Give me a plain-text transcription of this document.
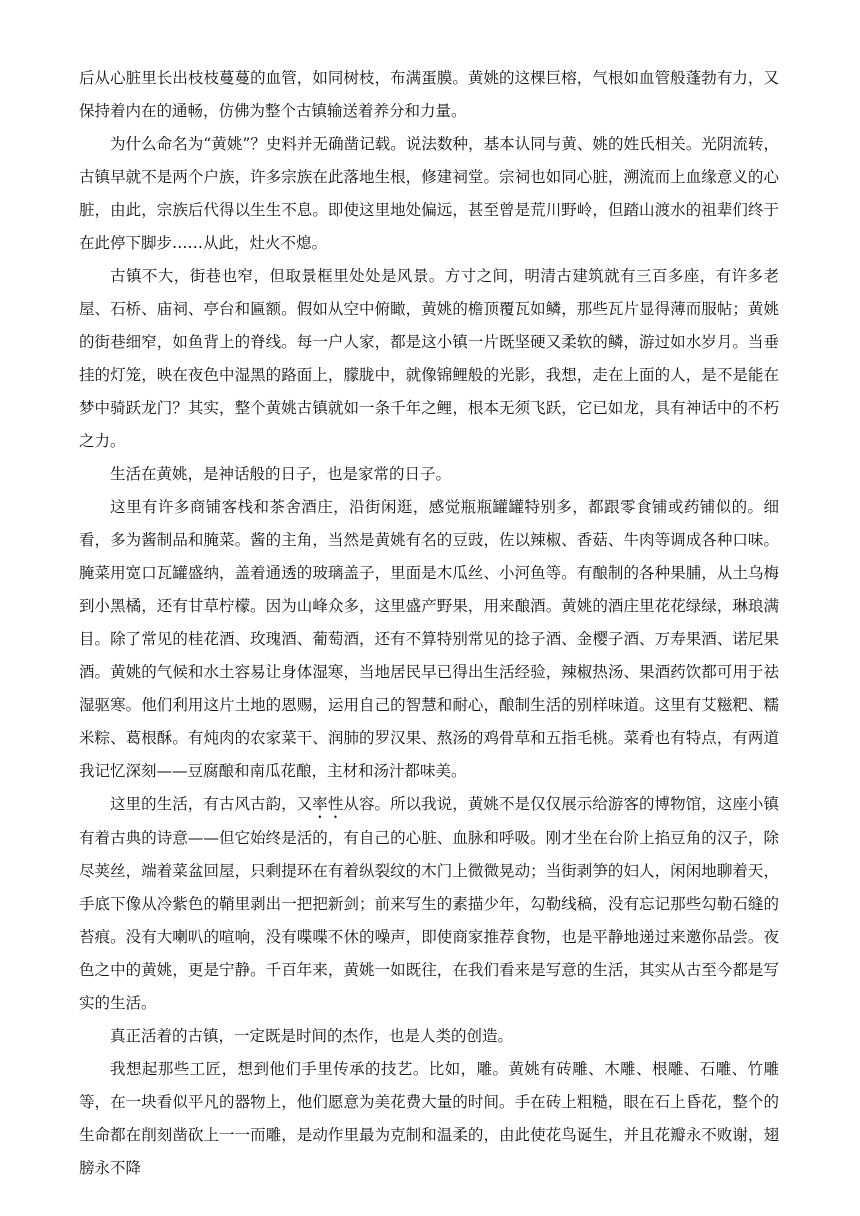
后从心脏里长出枝枝蔓蔓的血管，如同树枝，布满蛋膜。黄姚的这棵巨榕，气根如血管般蓬勃有力，又保持着内在的通畅，仿佛为整个古镇输送着养分和力量。

为什么命名为“黄姚”？史料并无确凿记载。说法数种，基本认同与黄、姚的姓氏相关。光阴流转，古镇早就不是两个户族，许多宗族在此落地生根，修建祠堂。宗祠也如同心脏，溯流而上血缘意义的心脏，由此，宗族后代得以生生不息。即使这里地处偏远，甚至曾是荒川野岭，但踏山渡水的祖辈们终于在此停下脚步……从此，灶火不熄。

古镇不大，街巷也窄，但取景框里处处是风景。方寸之间，明清古建筑就有三百多座，有许多老屋、石桥、庙祠、亭台和匾额。假如从空中俯瞰，黄姚的檐顶覆瓦如鳞，那些瓦片显得薄而服帖；黄姚的街巷细窄，如鱼背上的脊线。每一户人家，都是这小镇一片既坚硬又柔软的鳞，游过如水岁月。当垂挂的灯笼，映在夜色中湿黑的路面上，朦胧中，就像锦鲤般的光影，我想，走在上面的人，是不是能在梦中骑跃龙门？其实，整个黄姚古镇就如一条千年之鲤，根本无须飞跃，它已如龙，具有神话中的不朽之力。

生活在黄姚，是神话般的日子，也是家常的日子。

这里有许多商铺客栈和茶舍酒庄，沿街闲逛，感觉瓶瓶罐罐特别多，都跟零食铺或药铺似的。细看，多为酱制品和腌菜。酱的主角，当然是黄姚有名的豆豉，佐以辣椒、香菇、牛肉等调成各种口味。腌菜用宽口瓦罐盛纳，盖着通透的玻璃盖子，里面是木瓜丝、小河鱼等。有酿制的各种果脯，从土乌梅到小黑橘，还有甘草柠檬。因为山峰众多，这里盛产野果，用来酿酒。黄姚的酒庄里花花绿绿，琳琅满目。除了常见的桂花酒、玫瑰酒、葡萄酒，还有不算特别常见的捻子酒、金樱子酒、万寿果酒、诺尼果酒。黄姚的气候和水土容易让身体湿寒，当地居民早已得出生活经验，辣椒热汤、果酒药饮都可用于祛湿驱寒。他们利用这片土地的恩赐，运用自己的智慧和耐心，酿制生活的别样味道。这里有艾糍粑、糯米粽、葛根酥。有炖肉的农家菜干、润肺的罗汉果、熬汤的鸡骨草和五指毛桃。菜肴也有特点，有两道我记忆深刻——豆腐酿和南瓜花酿，主材和汤汁都味美。

这里的生活，有古风古韵，又率性从容。所以我说，黄姚不是仅仅展示给游客的博物馆，这座小镇有着古典的诗意——但它始终是活的，有自己的心脏、血脉和呼吸。刚才坐在台阶上掐豆角的汉子，除尽荚丝，端着菜盆回屋，只剩提环在有着纵裂纹的木门上微微晃动；当街剥笋的妇人，闲闲地聊着天，手底下像从冷紫色的鞘里剥出一把把新剑；前来写生的素描少年，勾勒线稿，没有忘记那些勾勒石缝的苔痕。没有大喇叭的喧响，没有喋喋不休的噪声，即使商家推荐食物，也是平静地递过来邀你品尝。夜色之中的黄姚，更是宁静。千百年来，黄姚一如既往，在我们看来是写意的生活，其实从古至今都是写实的生活。

真正活着的古镇，一定既是时间的杰作，也是人类的创造。

我想起那些工匠，想到他们手里传承的技艺。比如，雕。黄姚有砖雕、木雕、根雕、石雕、竹雕等，在一块看似平凡的器物上，他们愿意为美花费大量的时间。手在砖上粗糙，眼在石上昏花，整个的生命都在削刻凿砍上一一而雕，是动作里最为克制和温柔的，由此使花鸟诞生，并且花瓣永不败谢，翅膀永不降
